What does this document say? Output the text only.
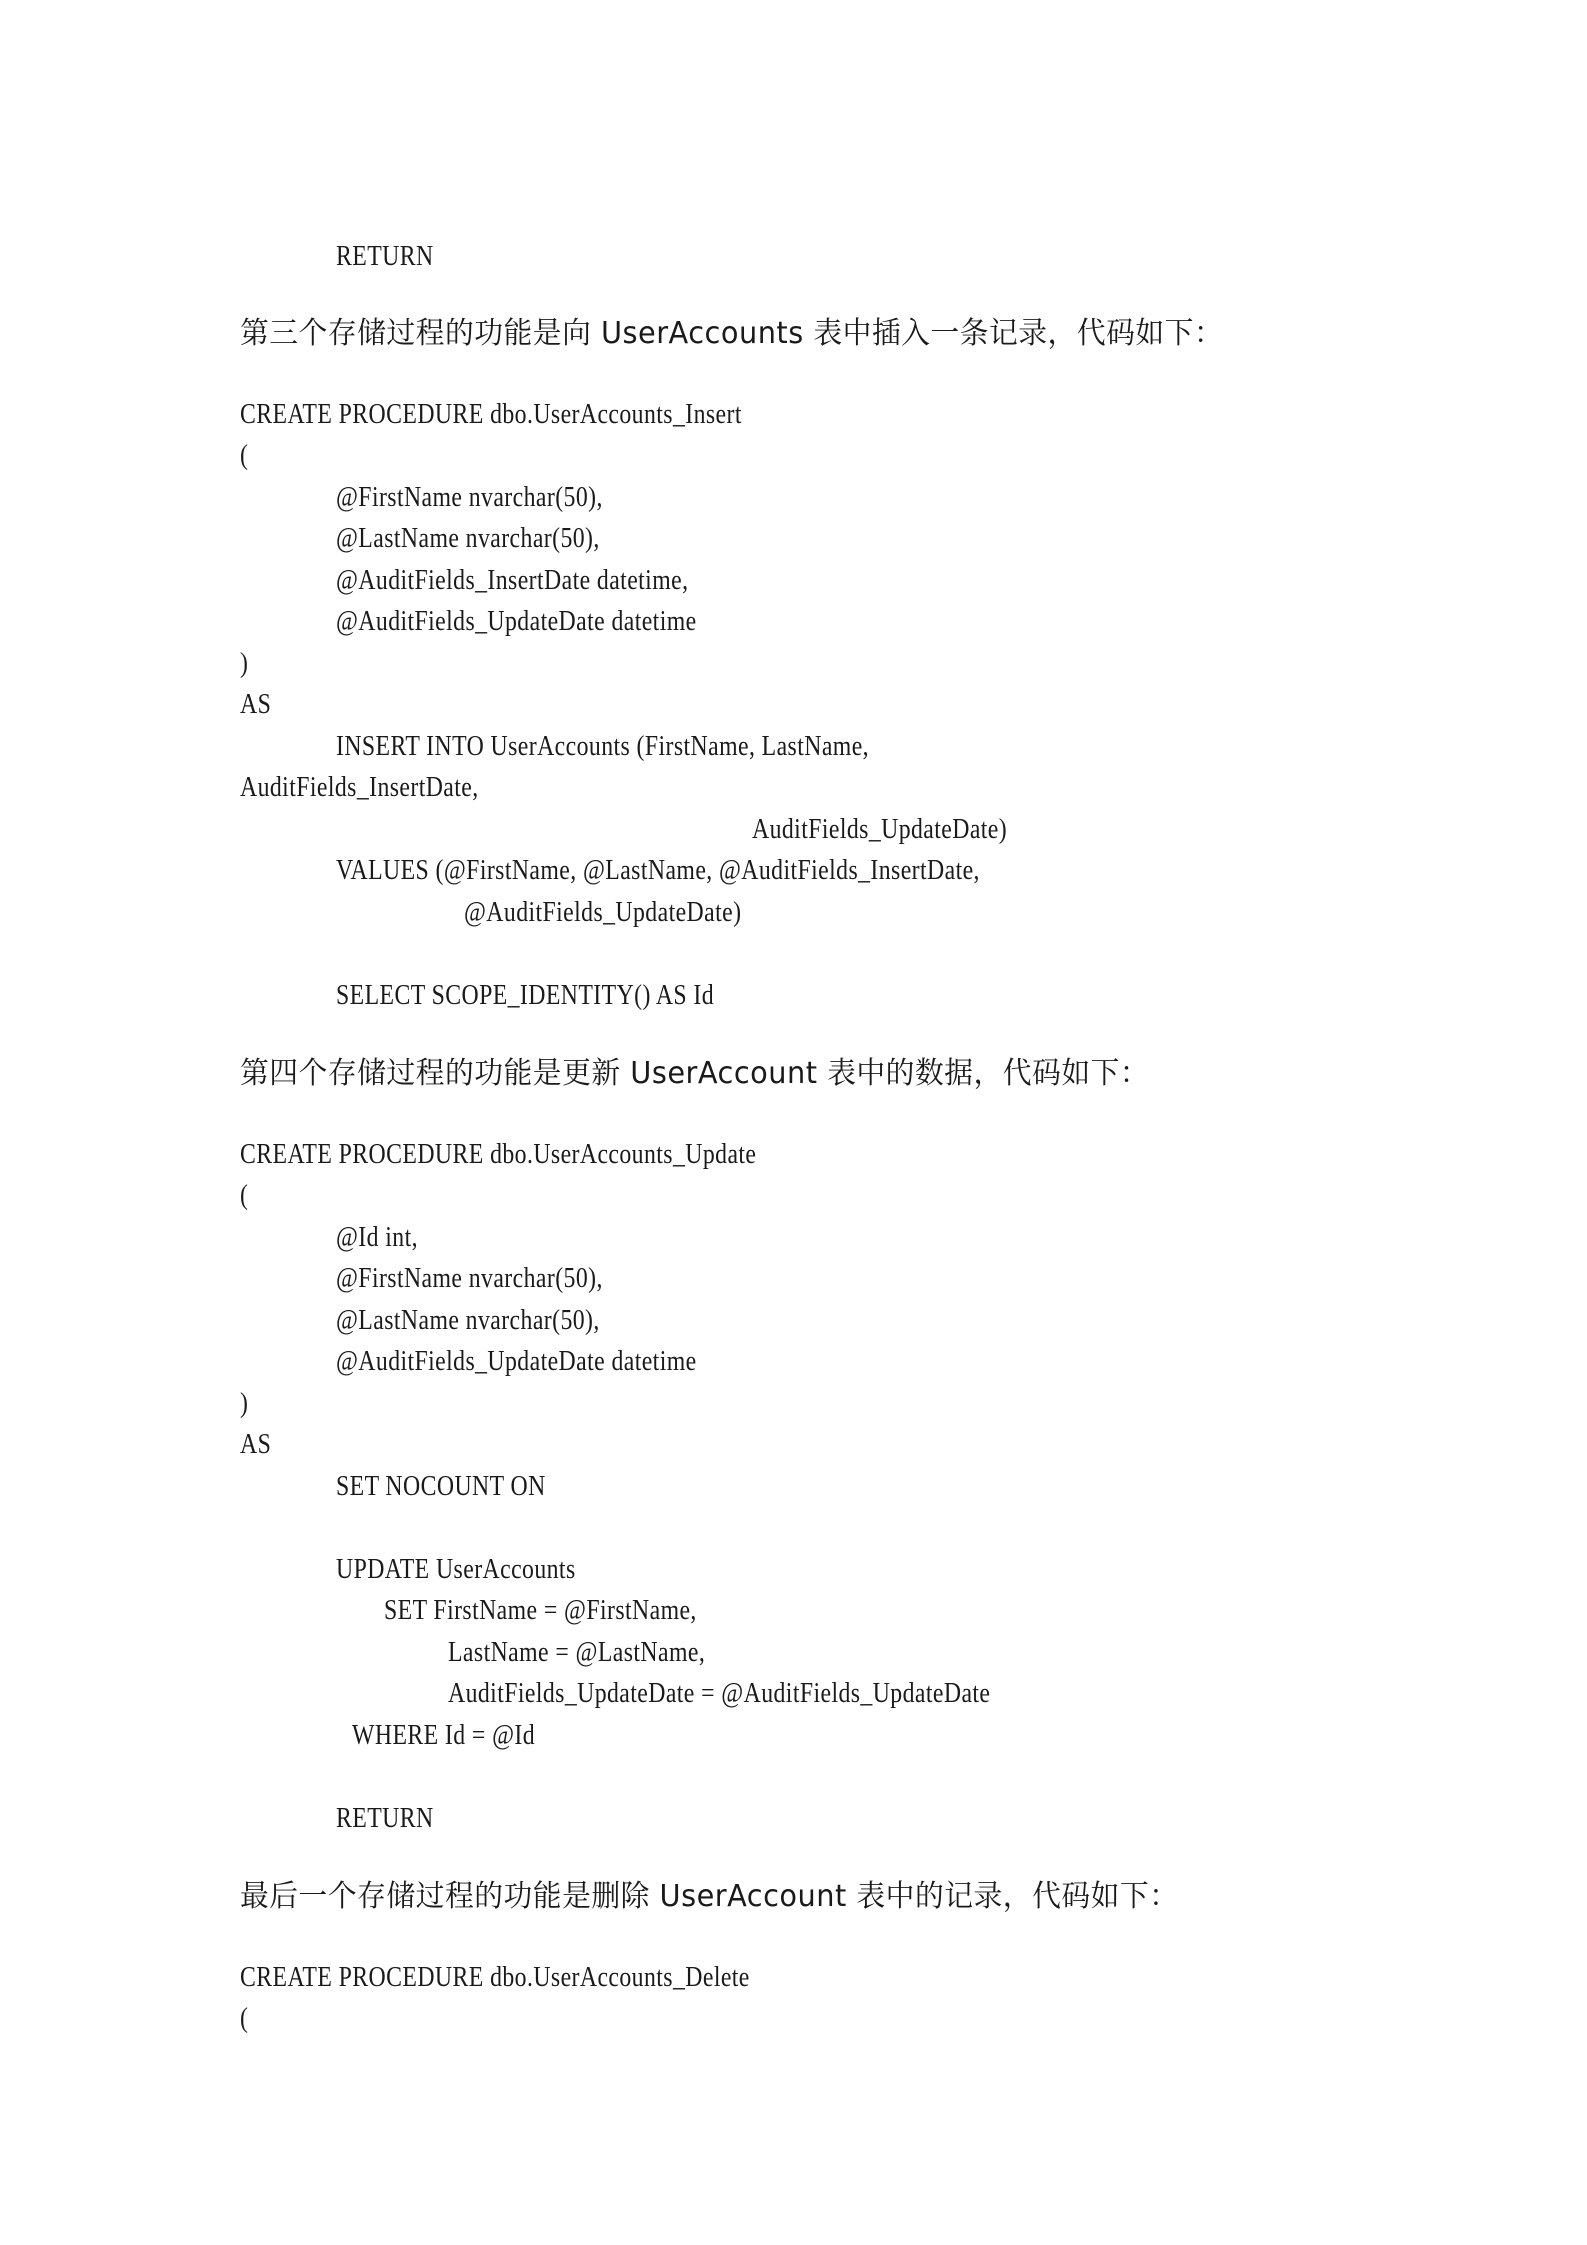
RETURN
第三个存储过程的功能是向 UserAccounts 表中插入一条记录，代码如下：
CREATE PROCEDURE dbo.UserAccounts_Insert
(
@FirstName nvarchar(50),
@LastName nvarchar(50),
@AuditFields_InsertDate datetime,
@AuditFields_UpdateDate datetime
)
AS
INSERT INTO UserAccounts (FirstName, LastName,
AuditFields_InsertDate,
AuditFields_UpdateDate)
VALUES (@FirstName, @LastName, @AuditFields_InsertDate,
@AuditFields_UpdateDate)
SELECT SCOPE_IDENTITY() AS Id
第四个存储过程的功能是更新 UserAccount 表中的数据，代码如下：
CREATE PROCEDURE dbo.UserAccounts_Update
(
@Id int,
@FirstName nvarchar(50),
@LastName nvarchar(50),
@AuditFields_UpdateDate datetime
)
AS
SET NOCOUNT ON
UPDATE UserAccounts
SET FirstName = @FirstName,
LastName = @LastName,
AuditFields_UpdateDate = @AuditFields_UpdateDate
WHERE Id = @Id
RETURN
最后一个存储过程的功能是删除 UserAccount 表中的记录，代码如下：
CREATE PROCEDURE dbo.UserAccounts_Delete
(
